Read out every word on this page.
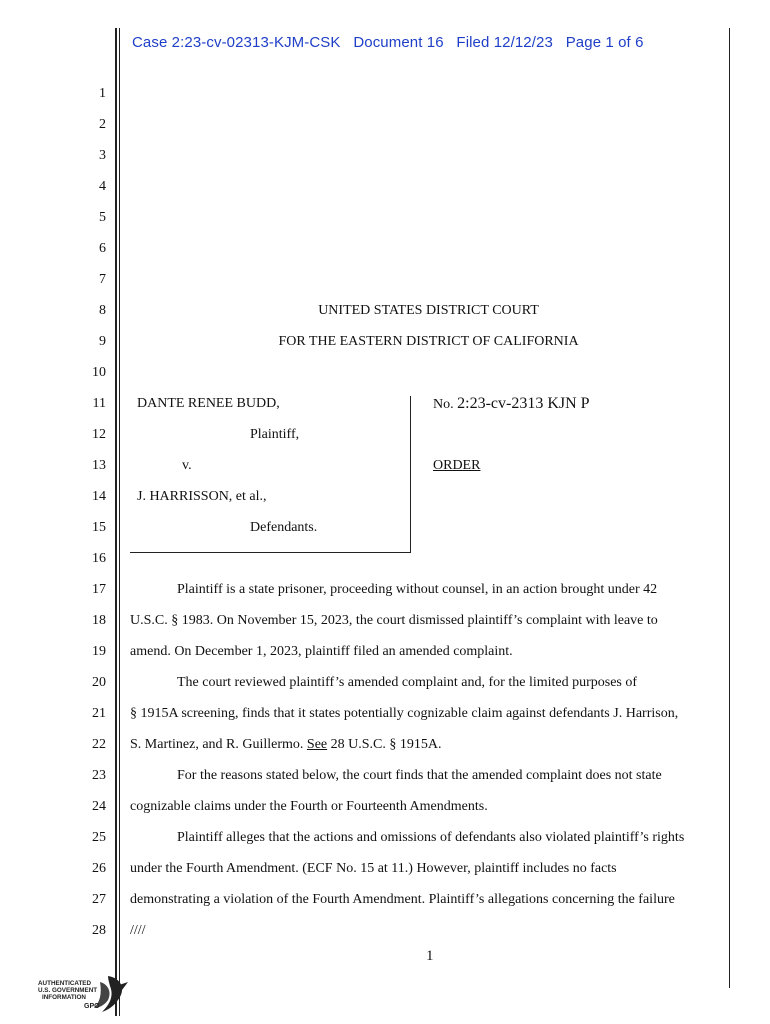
Case 2:23-cv-02313-KJM-CSK   Document 16   Filed 12/12/23   Page 1 of 6
1
2
3
4
5
6
7
8
9
10
11
12
13
14
15
16
17
18
19
20
21
22
23
24
25
26
27
28
UNITED STATES DISTRICT COURT
FOR THE EASTERN DISTRICT OF CALIFORNIA
DANTE RENEE BUDD,
Plaintiff,
v.
J. HARRISSON, et al.,
Defendants.
No. 2:23-cv-2313 KJN P
ORDER
Plaintiff is a state prisoner, proceeding without counsel, in an action brought under 42
U.S.C. § 1983. On November 15, 2023, the court dismissed plaintiff’s complaint with leave to
amend. On December 1, 2023, plaintiff filed an amended complaint.
The court reviewed plaintiff’s amended complaint and, for the limited purposes of
§ 1915A screening, finds that it states potentially cognizable claim against defendants J. Harrison,
S. Martinez, and R. Guillermo. See 28 U.S.C. § 1915A.
For the reasons stated below, the court finds that the amended complaint does not state
cognizable claims under the Fourth or Fourteenth Amendments.
Plaintiff alleges that the actions and omissions of defendants also violated plaintiff’s rights
under the Fourth Amendment. (ECF No. 15 at 11.) However, plaintiff includes no facts
demonstrating a violation of the Fourth Amendment. Plaintiff’s allegations concerning the failure
////
1
AUTHENTICATED
U.S. GOVERNMENT
INFORMATION
GPO
